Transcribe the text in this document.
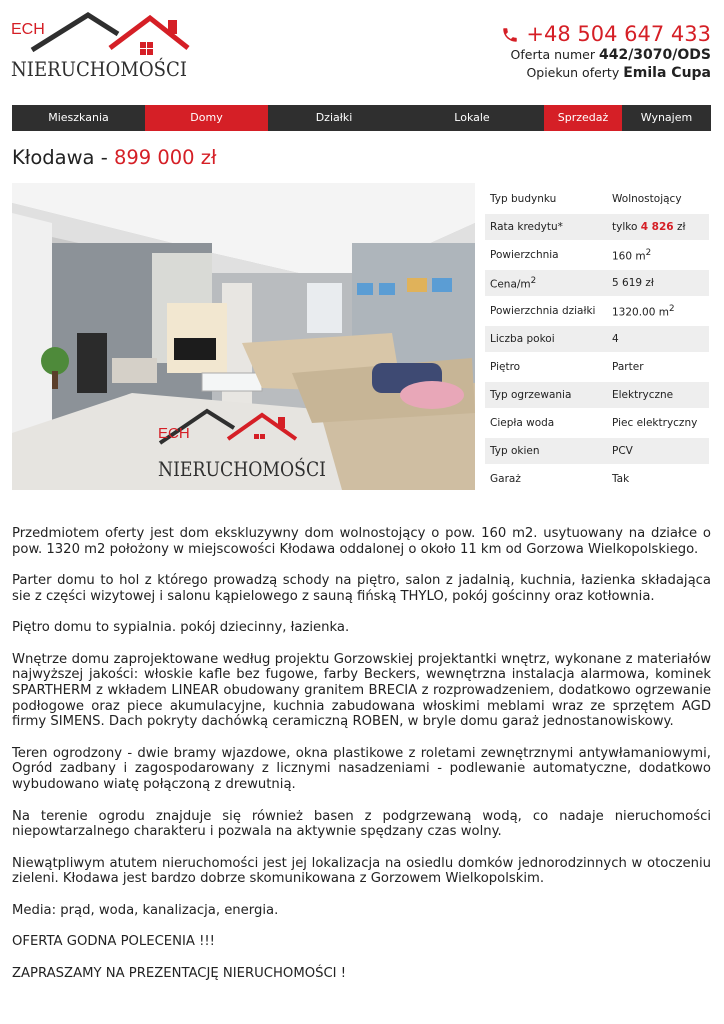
ECH
NIERUCHOMOŚCI
+48 504 647 433
Oferta numer 442/3070/ODS
Opiekun oferty Emila Cupa
Mieszkania	Domy	Działki	Lokale	Sprzedaż	Wynajem
Kłodawa - 899 000 zł
ECH
NIERUCHOMOŚCI
Typ budynku	Wolnostojący
Rata kredytu*	tylko 4 826 zł
Powierzchnia	160 $m^2$
Cena/$m^2$	5 619 zł
Powierzchnia działki	1320.00 $m^2$
Liczba pokoi	4
Piętro	Parter
Typ ogrzewania	Elektryczne
Ciepła woda	Piec elektryczny
Typ okien	PCV
Garaż	Tak

Przedmiotem oferty jest dom ekskluzywny dom wolnostojący o pow. 160 m2. usytuowany na działce o pow. 1320 m2 położony w miejscowości Kłodawa oddalonej o około 11 km od Gorzowa Wielkopolskiego.

Parter domu to hol z którego prowadzą schody na piętro, salon z jadalnią, kuchnia, łazienka składająca sie z części wizytowej i salonu kąpielowego z sauną fińską THYLO, pokój gościnny oraz kotłownia.

Piętro domu to sypialnia. pokój dziecinny, łazienka.

Wnętrze domu zaprojektowane według projektu Gorzowskiej projektantki wnętrz, wykonane z materiałów najwyższej jakości: włoskie kafle bez fugowe, farby Beckers, wewnętrzna instalacja alarmowa, kominek SPARTHERM z wkładem LINEAR obudowany granitem BRECIA z rozprowadzeniem, dodatkowo ogrzewanie podłogowe oraz piece akumulacyjne, kuchnia zabudowana włoskimi meblami wraz ze sprzętem AGD firmy SIMENS. Dach pokryty dachówką ceramiczną ROBEN, w bryle domu garaż jednostanowiskowy.

Teren ogrodzony - dwie bramy wjazdowe, okna plastikowe z roletami zewnętrznymi antywłamaniowymi, Ogród zadbany i zagospodarowany z licznymi nasadzeniami - podlewanie automatyczne, dodatkowo wybudowano wiatę połączoną z drewutnią.

Na terenie ogrodu znajduje się również basen z podgrzewaną wodą, co nadaje nieruchomości niepowtarzalnego charakteru i pozwala na aktywnie spędzany czas wolny.

Niewątpliwym atutem nieruchomości jest jej lokalizacja na osiedlu domków jednorodzinnych w otoczeniu zieleni. Kłodawa jest bardzo dobrze skomunikowana z Gorzowem Wielkopolskim.

Media: prąd, woda, kanalizacja, energia.

OFERTA GODNA POLECENIA !!!

ZAPRASZAMY NA PREZENTACJĘ NIERUCHOMOŚCI !
